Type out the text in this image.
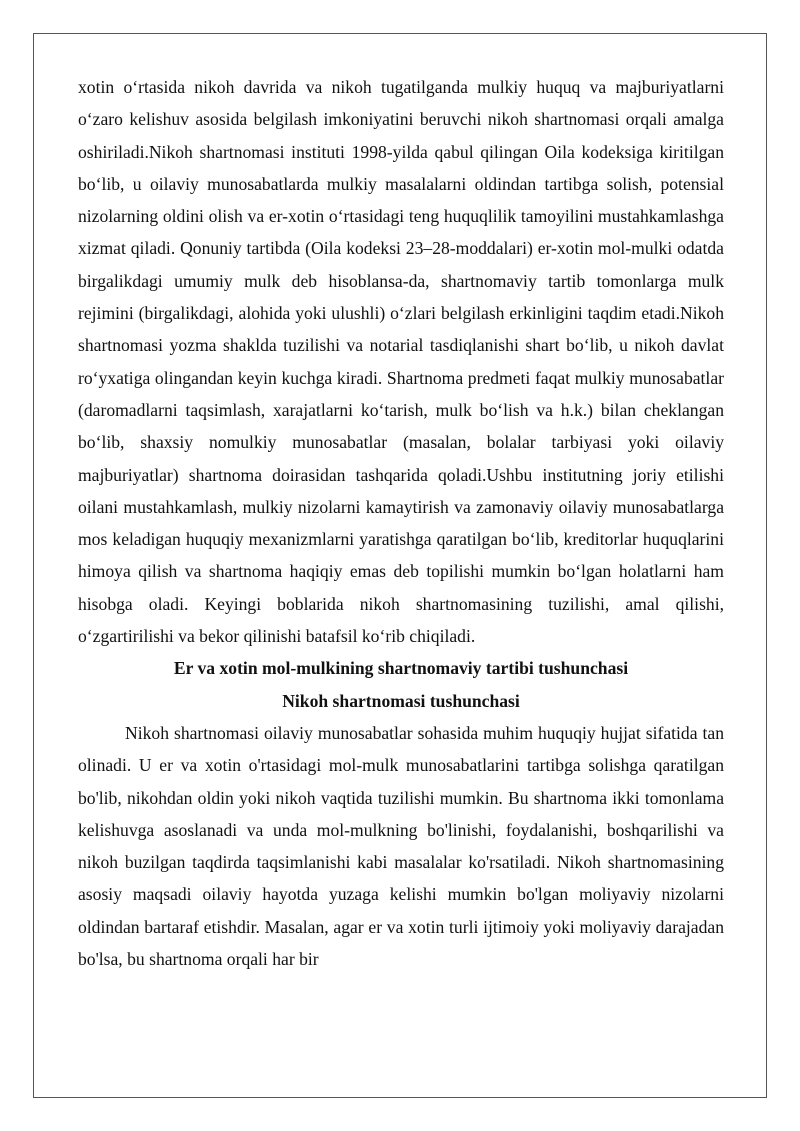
xotin o‘rtasida nikoh davrida va nikoh tugatilganda mulkiy huquq va majburiyatlarni o‘zaro kelishuv asosida belgilash imkoniyatini beruvchi nikoh shartnomasi orqali amalga oshiriladi.Nikoh shartnomasi instituti 1998-yilda qabul qilingan Oila kodeksiga kiritilgan bo‘lib, u oilaviy munosabatlarda mulkiy masalalarni oldindan tartibga solish, potensial nizolarning oldini olish va er-xotin o‘rtasidagi teng huquqlilik tamoyilini mustahkamlashga xizmat qiladi. Qonuniy tartibda (Oila kodeksi 23–28-moddalari) er-xotin mol-mulki odatda birgalikdagi umumiy mulk deb hisoblansa-da, shartnomaviy tartib tomonlarga mulk rejimini (birgalikdagi, alohida yoki ulushli) o‘zlari belgilash erkinligini taqdim etadi.Nikoh shartnomasi yozma shaklda tuzilishi va notarial tasdiqlanishi shart bo‘lib, u nikoh davlat ro‘yxatiga olingandan keyin kuchga kiradi. Shartnoma predmeti faqat mulkiy munosabatlar (daromadlarni taqsimlash, xarajatlarni ko‘tarish, mulk bo‘lish va h.k.) bilan cheklangan bo‘lib, shaxsiy nomulkiy munosabatlar (masalan, bolalar tarbiyasi yoki oilaviy majburiyatlar) shartnoma doirasidan tashqarida qoladi.Ushbu institutning joriy etilishi oilani mustahkamlash, mulkiy nizolarni kamaytirish va zamonaviy oilaviy munosabatlarga mos keladigan huquqiy mexanizmlarni yaratishga qaratilgan bo‘lib, kreditorlar huquqlarini himoya qilish va shartnoma haqiqiy emas deb topilishi mumkin bo‘lgan holatlarni ham hisobga oladi. Keyingi boblarida nikoh shartnomasining tuzilishi, amal qilishi, o‘zgartirilishi va bekor qilinishi batafsil ko‘rib chiqiladi.

Er va xotin mol-mulkining shartnomaviy tartibi tushunchasi

Nikoh shartnomasi tushunchasi

Nikoh shartnomasi oilaviy munosabatlar sohasida muhim huquqiy hujjat sifatida tan olinadi. U er va xotin o'rtasidagi mol-mulk munosabatlarini tartibga solishga qaratilgan bo'lib, nikohdan oldin yoki nikoh vaqtida tuzilishi mumkin. Bu shartnoma ikki tomonlama kelishuvga asoslanadi va unda mol-mulkning bo'linishi, foydalanishi, boshqarilishi va nikoh buzilgan taqdirda taqsimlanishi kabi masalalar ko'rsatiladi. Nikoh shartnomasining asosiy maqsadi oilaviy hayotda yuzaga kelishi mumkin bo'lgan moliyaviy nizolarni oldindan bartaraf etishdir. Masalan, agar er va xotin turli ijtimoiy yoki moliyaviy darajadan bo'lsa, bu shartnoma orqali har bir
